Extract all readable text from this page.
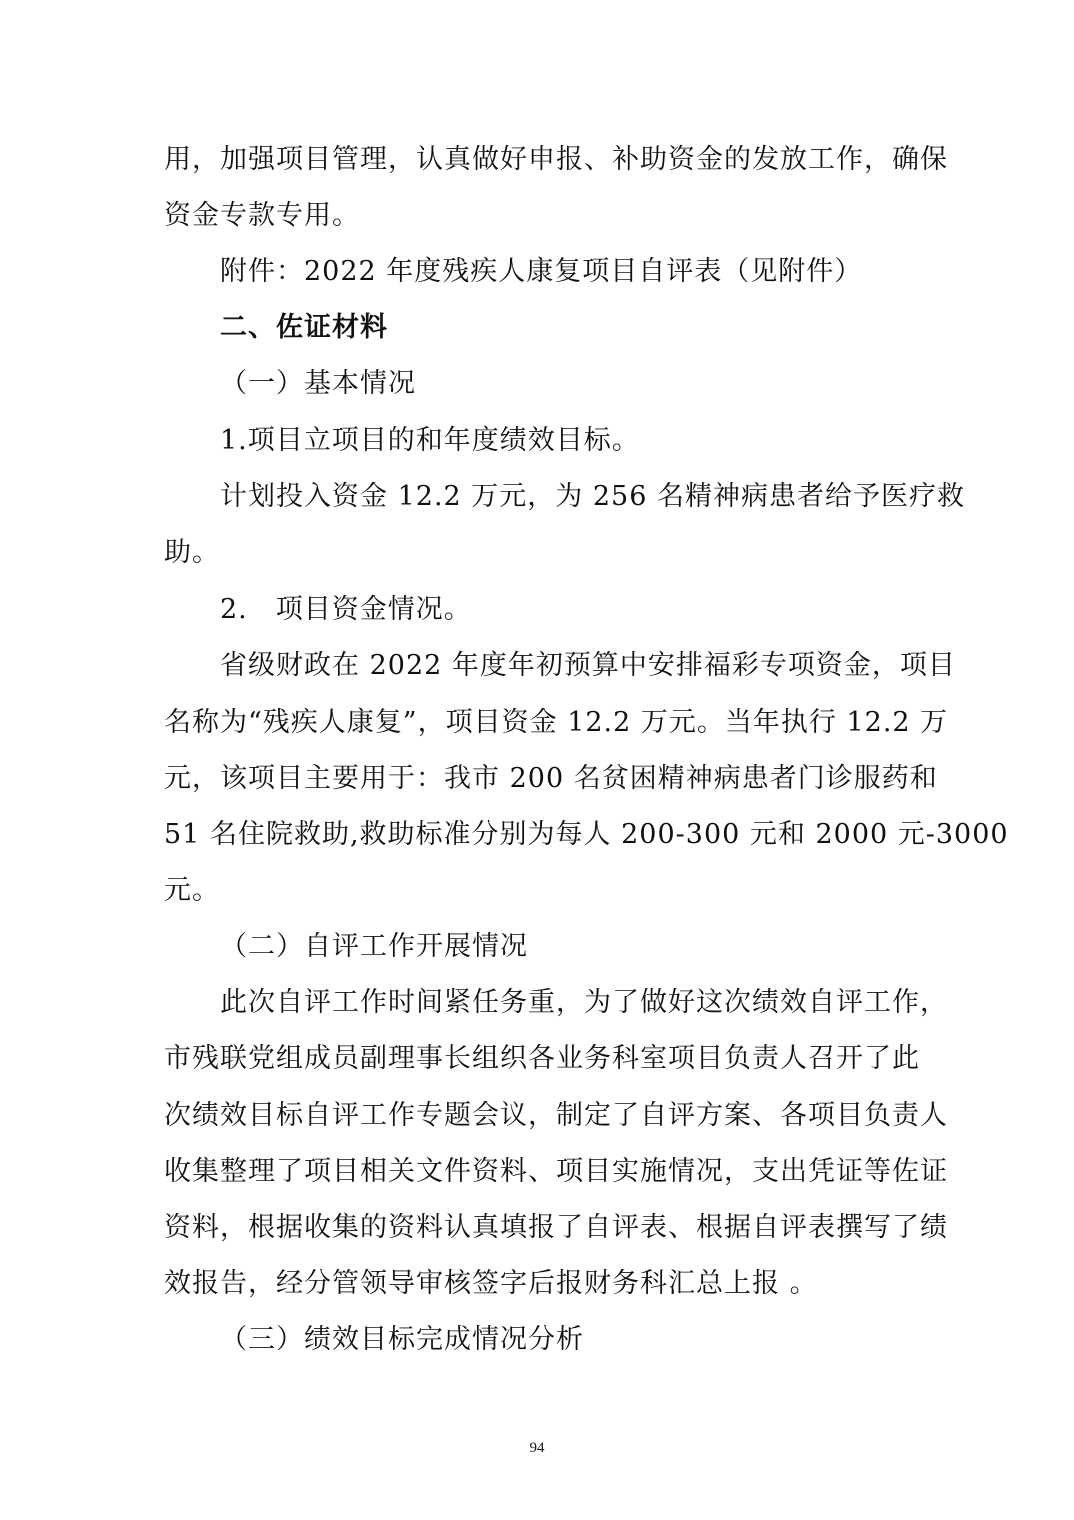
用，加强项目管理，认真做好申报、补助资金的发放工作，确保
资金专款专用。
附件：2022 年度残疾人康复项目自评表（见附件）
二、佐证材料
（一）基本情况
1.项目立项目的和年度绩效目标。
计划投入资金 12.2 万元，为 256 名精神病患者给予医疗救
助。
2.　项目资金情况。
省级财政在 2022 年度年初预算中安排福彩专项资金，项目
名称为“残疾人康复”，项目资金 12.2 万元。当年执行 12.2 万
元，该项目主要用于：我市 200 名贫困精神病患者门诊服药和
51 名住院救助,救助标准分别为每人 200-300 元和 2000 元-3000
元。
（二）自评工作开展情况
此次自评工作时间紧任务重，为了做好这次绩效自评工作，
市残联党组成员副理事长组织各业务科室项目负责人召开了此
次绩效目标自评工作专题会议，制定了自评方案、各项目负责人
收集整理了项目相关文件资料、项目实施情况，支出凭证等佐证
资料，根据收集的资料认真填报了自评表、根据自评表撰写了绩
效报告，经分管领导审核签字后报财务科汇总上报 。
（三）绩效目标完成情况分析
94
